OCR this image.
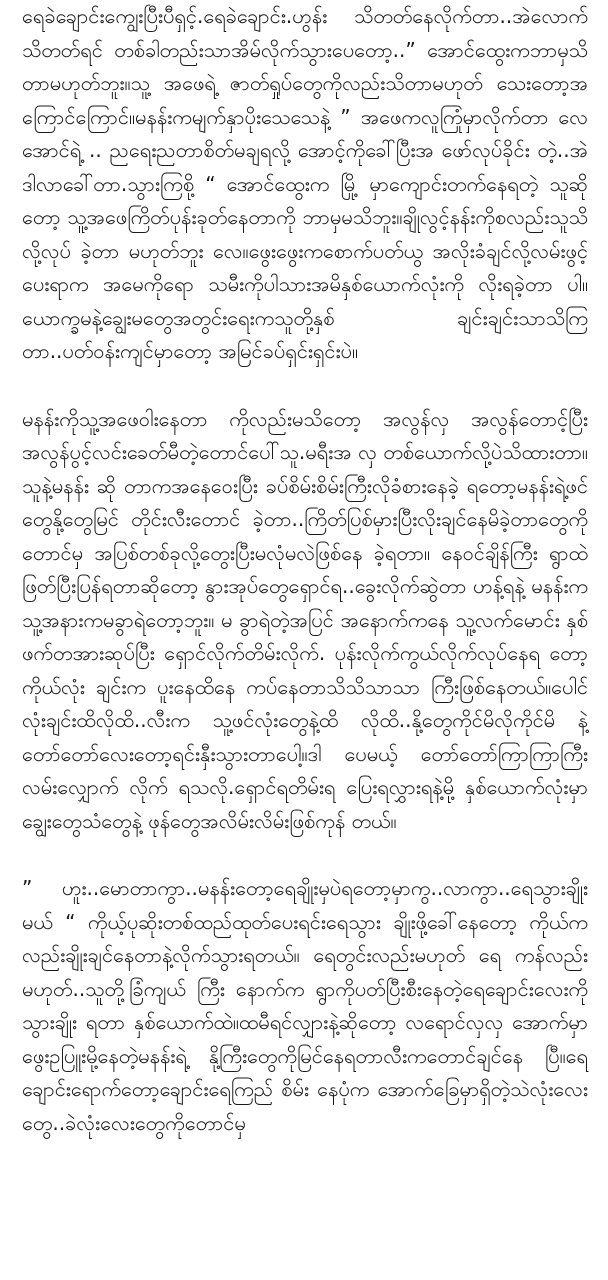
ရေခဲချောင်းကျွေးပြီးပီရှင့်.ရေခဲချောင်း.ဟွန်း သိတတ်နေလိုက်တာ..အဲလောက်သိတတ်ရင် တစ်ခါတည်းသာအိမ်လိုက်သွားပေတော့..” အောင်ထွေးကဘာမှသိတာမဟုတ်ဘူး။သူ့ အဖေရဲ့ ဇာတ်ရှုပ်တွေကိုလည်းသိတာမဟုတ် သေးတော့အကြောင်ကြောင်။မနန်းကမျက်နှာပိုးသေသေနဲ့ ” အဖေကလူကြုံမှာလိုက်တာ လေ အောင်ရဲ့ .. ညရေးညတာစိတ်မချရလို့ အောင့်ကိုခေါ်ပြီးအ ဖော်လုပ်ခိုင်း တဲ့..အဲဒါလာခေါ်တာ.သွားကြစို့ “ အောင်ထွေးက မြို့ မှာကျောင်းတက်နေရတဲ့ သူဆိုတော့ သူ့အဖေကြိတ်ပုန်းခုတ်နေတာကို ဘာမှမသိဘူး။ချိုလွင့်နန်းကိုစလည်းသူသိလို့လုပ် ခဲ့တာ မဟုတ်ဘူး လေ။ဖွေးဖွေးကစောက်ပတ်ယွ အလိုးခံချင်လို့လမ်းဖွင့်ပေးရာက အမေကိုရော သမီးကိုပါသားအမိနှစ်ယောက်လုံးကို လိုးရခဲ့တာ ပါ။ ယောက္ခမနဲ့ချွေးမတွေအတွင်းရေးကသူတို့နှစ် ချင်းချင်းသာသိကြတာ..ပတ်ဝန်းကျင်မှာတော့ အမြင်ခပ်ရှင်းရှင်းပဲ။

မနန်းကိုသူ့အဖေဝါးနေတာ ကိုလည်းမသိတော့ အလွန်လှ အလွန်တောင့်ပြီးအလွန်ပွင့်လင်းခေတ်မီတဲ့တောင်ပေါ်သူ.မရီးအ လှ တစ်ယောက်လို့ပဲသိထားတာ။သူနဲ့မနန်း ဆို တာကအနေဝေးပြီး ခပ်စိမ်းစိမ်းကြီးလိုခံစားနေခဲ့ ရတော့မနန်းရဲ့ဖင်တွေနို့တွေမြင် တိုင်းလီးတောင် ခဲ့တာ..ကြိတ်ပြစ်မှားပြီးလိုးချင်နေမိခဲ့တာတွေကို တောင်မှ အပြစ်တစ်ခုလို့တွေးပြီးမလုံမလဲဖြစ်နေ ခဲ့ရတာ။ နေဝင်ချိန်ကြီး ရွာထဲဖြတ်ပြီးပြန်ရတာဆိုတော့ နွားအုပ်တွေရှောင်ရ..ခွေးလိုက်ဆွဲတာ ဟန့်ရနဲ့ မနန်းကသူ့အနားကမခွာရဲတော့ဘူး။ မ ခွာရဲတဲ့အပြင် အနောက်ကနေ သူ့လက်မောင်း နှစ်ဖက်တအားဆုပ်ပြီး ရှောင်လိုက်တိမ်းလိုက်. ပုန်းလိုက်ကွယ်လိုက်လုပ်နေရ တော့ကိုယ်လုံး ချင်းက ပူးနေထိနေ ကပ်နေတာသိသိသာသာ ကြီးဖြစ်နေတယ်။ပေါင်လုံးချင်းထိလိုထိ..လီးက သူ့ဖင်လုံးတွေနဲ့ထိ လိုထိ..နို့တွေကိုင်မိလိုကိုင်မိ နဲ့ တော်တော်လေးတော့ရင်းနှီးသွားတာပေါ့။ဒါ ပေမယ့် တော်တော်ကြာကြာကြီးလမ်းလျှောက် လိုက် ရသလို.ရှောင်ရတိမ်းရ ပြေးရလွှားရနဲ့မို့ နှစ်ယောက်လုံးမှာချွေးတွေသံတွေနဲ့ ဖုန်တွေအလိမ်းလိမ်းဖြစ်ကုန် တယ်။

” ဟူး..မောတာကွာ..မနန်းတော့ရေချိုးမှပဲရတော့မှာကွ..လာကွာ..ရေသွားချိုးမယ် “ ကိုယ့်ပုဆိုးတစ်ထည်ထုတ်ပေးရင်းရေသွား ချိုးဖို့ခေါ်နေတော့ ကိုယ်ကလည်းချိုးချင်နေတာနဲ့လိုက်သွားရတယ်။ ရေတွင်းလည်းမဟုတ် ရေ ကန်လည်းမဟုတ်..သူတို့ခြံကျယ် ကြီး နောက်က ရွာကိုပတ်ပြီးစီးနေတဲ့ရေချောင်းလေးကိုသွားချိုး ရတာ နှစ်ယောက်ထဲ။ထမီရင်လျှားနဲ့ဆိုတော့ လရောင်လှလှ အောက်မှာ ဖွေးဥပြူးမို့နေတဲ့မနန်းရဲ့ နို့ကြီးတွေကိုမြင်နေရတာလီးကတောင်ချင်နေ ပြီ။ရေချောင်းရောက်တော့ချောင်းရေကြည် စိမ်း နေပုံက အောက်ခြေမှာရှိတဲ့သဲလုံးလေးတွေ..ခဲလုံးလေးတွေကိုတောင်မှ
